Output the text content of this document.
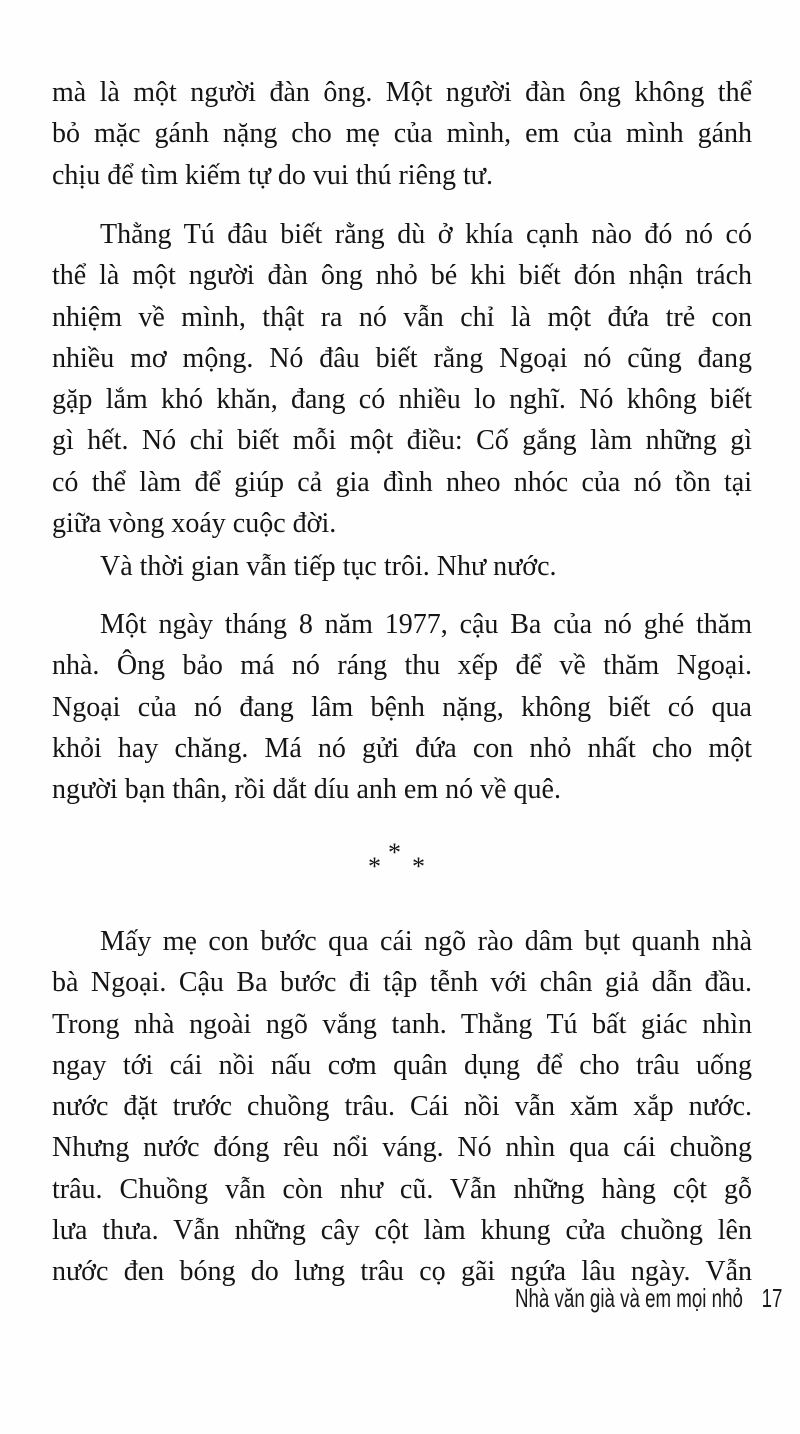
mà là một người đàn ông. Một người đàn ông không thể
bỏ mặc gánh nặng cho mẹ của mình, em của mình gánh
chịu để tìm kiếm tự do vui thú riêng tư.

Thằng Tú đâu biết rằng dù ở khía cạnh nào đó nó có
thể là một người đàn ông nhỏ bé khi biết đón nhận trách
nhiệm về mình, thật ra nó vẫn chỉ là một đứa trẻ con
nhiều mơ mộng. Nó đâu biết rằng Ngoại nó cũng đang
gặp lắm khó khăn, đang có nhiều lo nghĩ. Nó không biết
gì hết. Nó chỉ biết mỗi một điều: Cố gắng làm những gì
có thể làm để giúp cả gia đình nheo nhóc của nó tồn tại
giữa vòng xoáy cuộc đời.

Và thời gian vẫn tiếp tục trôi. Như nước.

Một ngày tháng 8 năm 1977, cậu Ba của nó ghé thăm
nhà. Ông bảo má nó ráng thu xếp để về thăm Ngoại.
Ngoại của nó đang lâm bệnh nặng, không biết có qua
khỏi hay chăng. Má nó gửi đứa con nhỏ nhất cho một
người bạn thân, rồi dắt díu anh em nó về quê.

*
* *

Mấy mẹ con bước qua cái ngõ rào dâm bụt quanh nhà
bà Ngoại. Cậu Ba bước đi tập tễnh với chân giả dẫn đầu.
Trong nhà ngoài ngõ vắng tanh. Thằng Tú bất giác nhìn
ngay tới cái nồi nấu cơm quân dụng để cho trâu uống
nước đặt trước chuồng trâu. Cái nồi vẫn xăm xắp nước.
Nhưng nước đóng rêu nổi váng. Nó nhìn qua cái chuồng
trâu. Chuồng vẫn còn như cũ. Vẫn những hàng cột gỗ
lưa thưa. Vẫn những cây cột làm khung cửa chuồng lên
nước đen bóng do lưng trâu cọ gãi ngứa lâu ngày. Vẫn

Nhà văn già và em mọi nhỏ 17
